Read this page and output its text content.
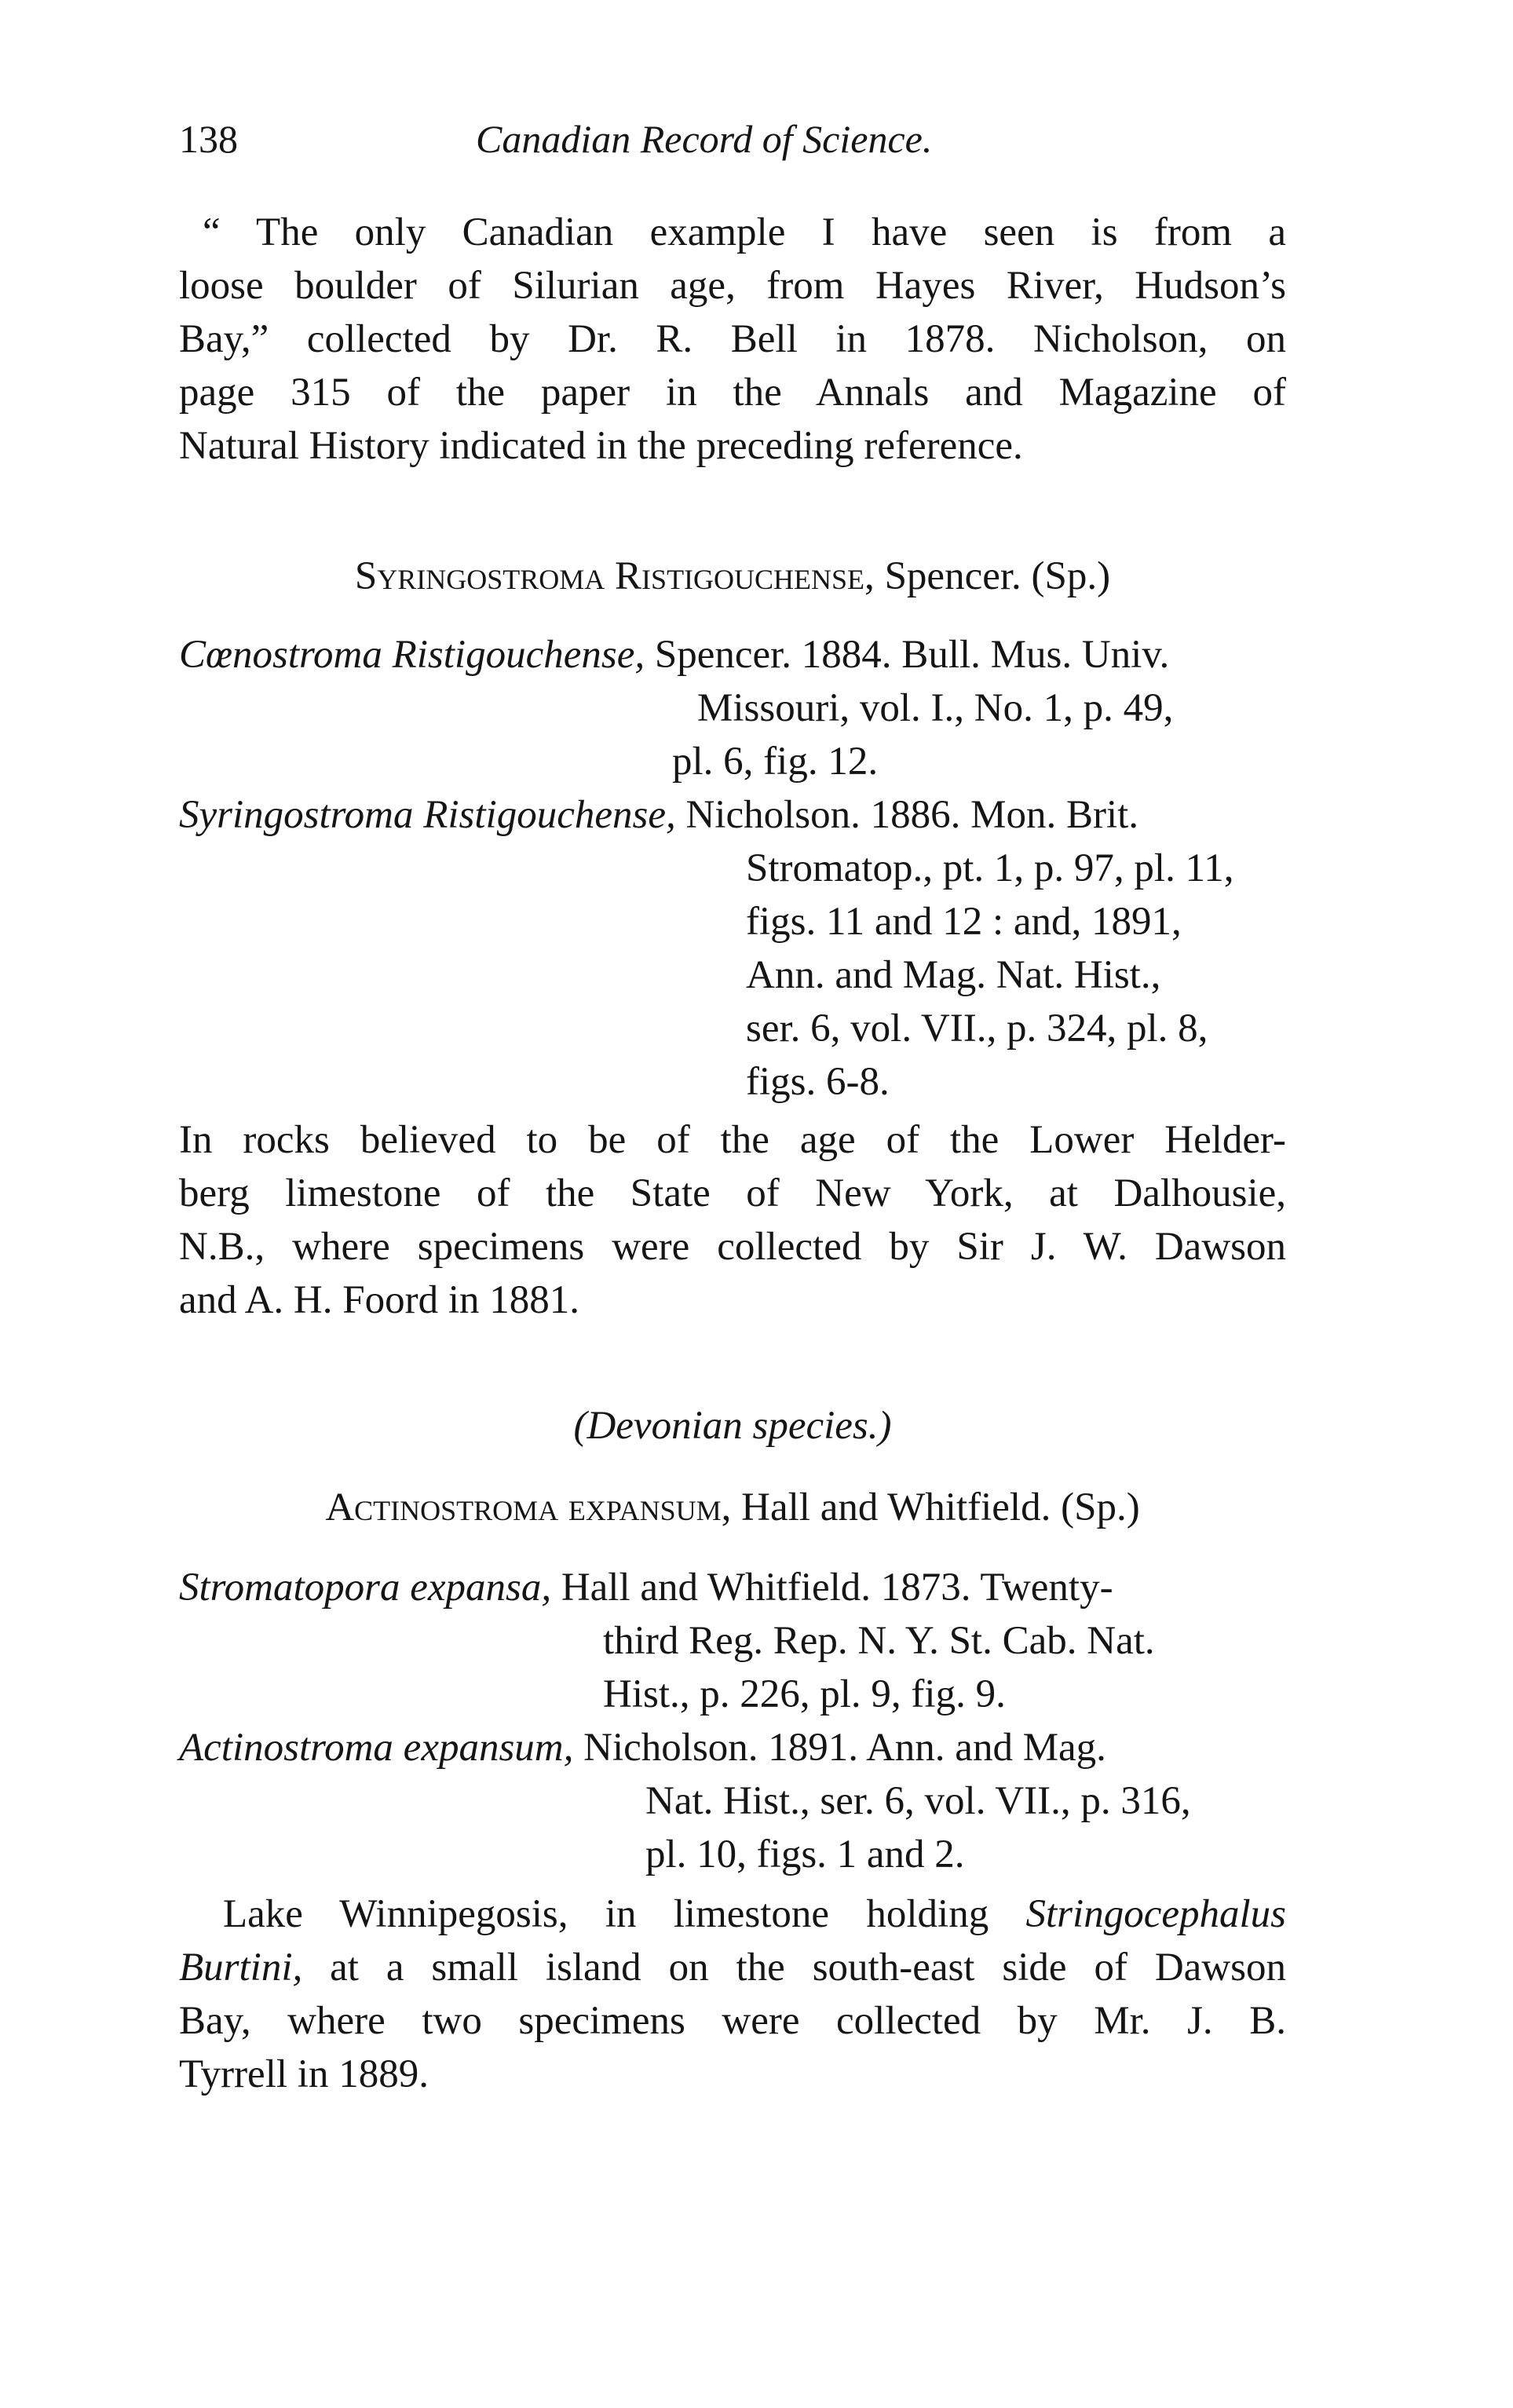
138	Canadian Record of Science.
“ The only Canadian example I have seen is from a
loose boulder of Silurian age, from Hayes River, Hudson’s
Bay,” collected by Dr. R. Bell in 1878. Nicholson, on
page 315 of the paper in the Annals and Magazine of
Natural History indicated in the preceding reference.
Syringostroma Ristigouchense, Spencer. (Sp.)
Cœnostroma Ristigouchense, Spencer. 1884. Bull. Mus. Univ.
Missouri, vol. I., No. 1, p. 49,
pl. 6, fig. 12.
Syringostroma Ristigouchense, Nicholson. 1886. Mon. Brit.
Stromatop., pt. 1, p. 97, pl. 11,
figs. 11 and 12 : and, 1891,
Ann. and Mag. Nat. Hist.,
ser. 6, vol. VII., p. 324, pl. 8,
figs. 6-8.
In rocks believed to be of the age of the Lower Helder-
berg limestone of the State of New York, at Dalhousie,
N.B., where specimens were collected by Sir J. W. Dawson
and A. H. Foord in 1881.
(Devonian species.)
Actinostroma expansum, Hall and Whitfield. (Sp.)
Stromatopora expansa, Hall and Whitfield. 1873. Twenty-
third Reg. Rep. N. Y. St. Cab. Nat.
Hist., p. 226, pl. 9, fig. 9.
Actinostroma expansum, Nicholson. 1891. Ann. and Mag.
Nat. Hist., ser. 6, vol. VII., p. 316,
pl. 10, figs. 1 and 2.
Lake Winnipegosis, in limestone holding Stringocephalus
Burtini, at a small island on the south-east side of Dawson
Bay, where two specimens were collected by Mr. J. B.
Tyrrell in 1889.
